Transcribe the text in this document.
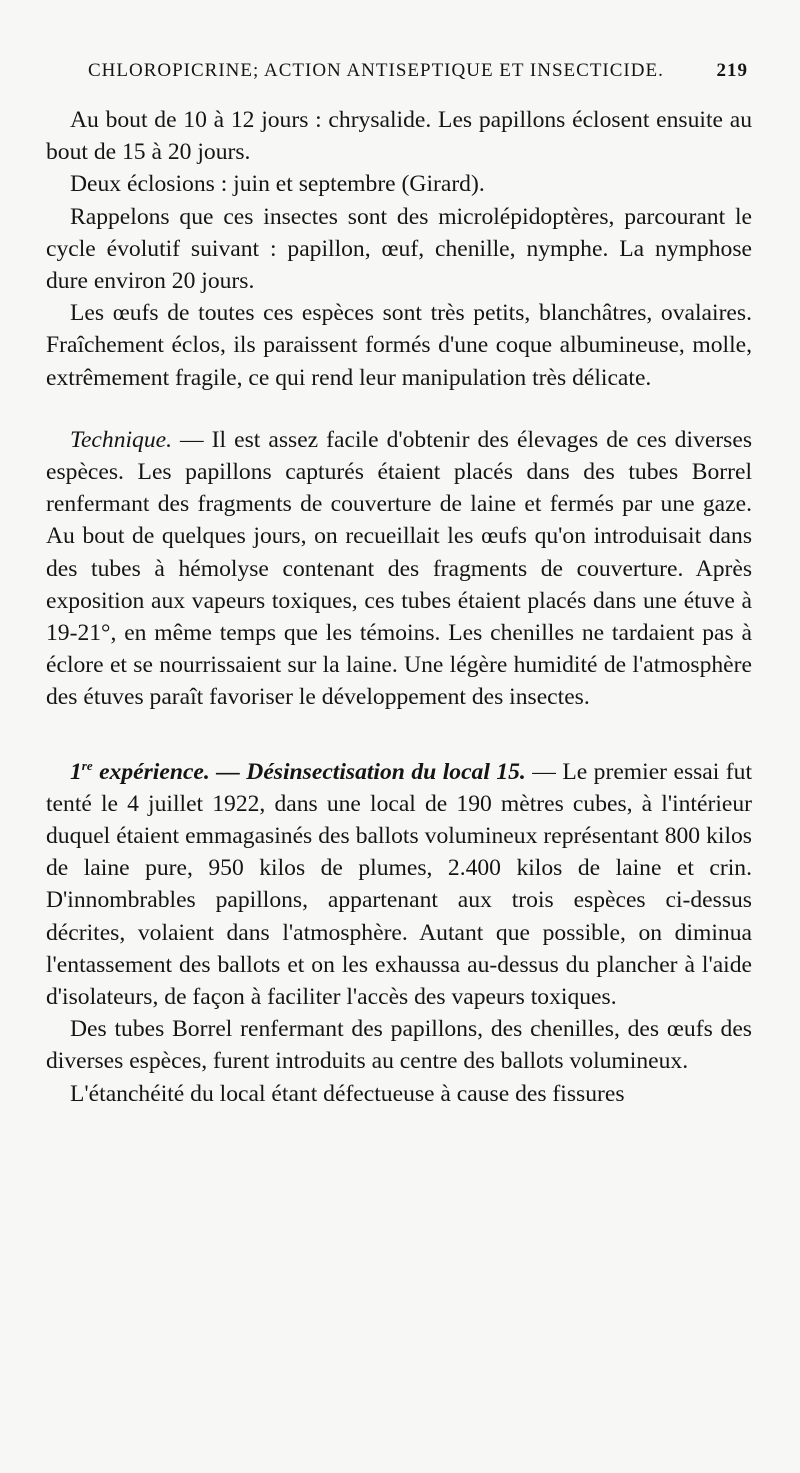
CHLOROPICRINE; ACTION ANTISEPTIQUE ET INSECTICIDE.	219

Au bout de 10 à 12 jours : chrysalide. Les papillons éclosent ensuite au bout de 15 à 20 jours.

Deux éclosions : juin et septembre (Girard).

Rappelons que ces insectes sont des microlépidoptères, parcourant le cycle évolutif suivant : papillon, œuf, chenille, nymphe. La nymphose dure environ 20 jours.

Les œufs de toutes ces espèces sont très petits, blanchâtres, ovalaires. Fraîchement éclos, ils paraissent formés d'une coque albumineuse, molle, extrêmement fragile, ce qui rend leur manipulation très délicate.

Technique. — Il est assez facile d'obtenir des élevages de ces diverses espèces. Les papillons capturés étaient placés dans des tubes Borrel renfermant des fragments de couverture de laine et fermés par une gaze. Au bout de quelques jours, on recueillait les œufs qu'on introduisait dans des tubes à hémolyse contenant des fragments de couverture. Après exposition aux vapeurs toxiques, ces tubes étaient placés dans une étuve à 19-21°, en même temps que les témoins. Les chenilles ne tardaient pas à éclore et se nourrissaient sur la laine. Une légère humidité de l'atmosphère des étuves paraît favoriser le développement des insectes.

1re expérience. — Désinsectisation du local 15. — Le premier essai fut tenté le 4 juillet 1922, dans une local de 190 mètres cubes, à l'intérieur duquel étaient emmagasinés des ballots volumineux représentant 800 kilos de laine pure, 950 kilos de plumes, 2.400 kilos de laine et crin. D'innombrables papillons, appartenant aux trois espèces ci-dessus décrites, volaient dans l'atmosphère. Autant que possible, on diminua l'entassement des ballots et on les exhaussa au-dessus du plancher à l'aide d'isolateurs, de façon à faciliter l'accès des vapeurs toxiques.

Des tubes Borrel renfermant des papillons, des chenilles, des œufs des diverses espèces, furent introduits au centre des ballots volumineux.

L'étanchéité du local étant défectueuse à cause des fissures
